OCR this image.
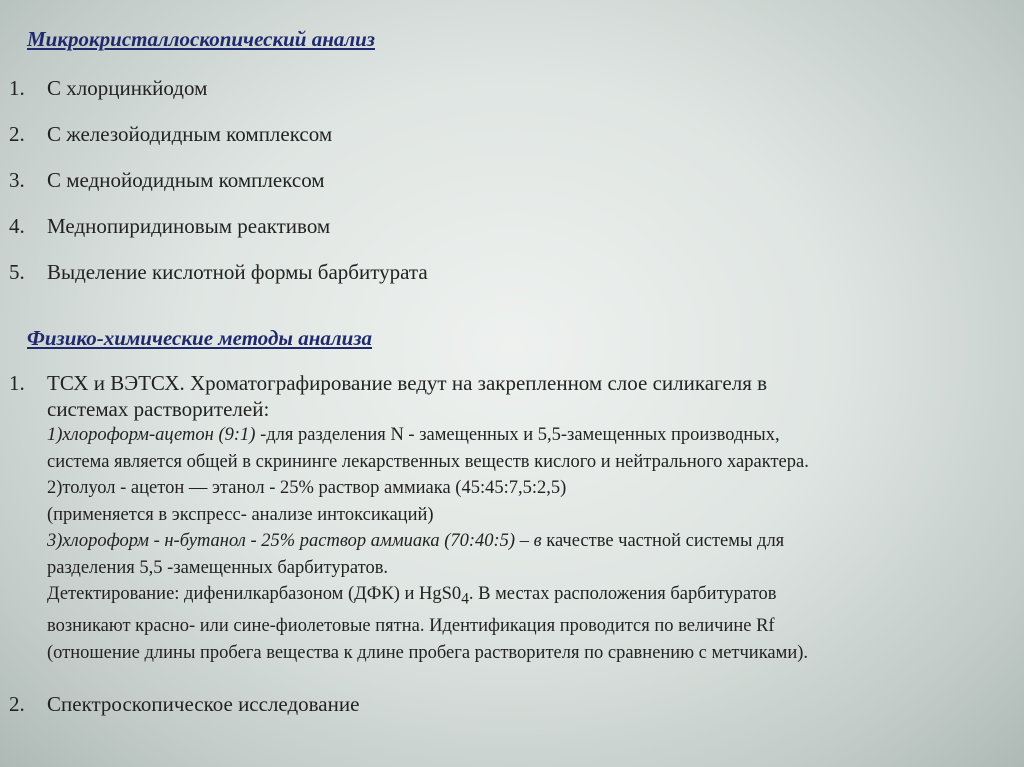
Микрокристаллоскопический анализ
1. С хлорцинкйодом
2. С железойодидным комплексом
3. С меднойодидным комплексом
4. Меднопиридиновым реактивом
5. Выделение кислотной формы барбитурата
Физико-химические методы анализа
1. ТСХ и ВЭТСХ. Хроматографирование ведут на закрепленном слое силикагеля в
системах растворителей:
1)хлороформ-ацетон (9:1) -для разделения N - замещенных и 5,5-замещенных производных,
система является общей в скрининге лекарственных веществ кислого и нейтрального характера.
2)толуол - ацетон — этанол - 25% раствор аммиака (45:45:7,5:2,5)
(применяется в экспресс- анализе интоксикаций)
3)хлороформ - н-бутанол - 25% раствор аммиака (70:40:5) – в качестве частной системы для
разделения 5,5 -замещенных барбитуратов.
Детектирование: дифенилкарбазоном (ДФК) и $HgS0_4$. В местах расположения барбитуратов
возникают красно- или сине-фиолетовые пятна. Идентификация проводится по величине Rf
(отношение длины пробега вещества к длине пробега растворителя по сравнению с метчиками).
2. Спектроскопическое исследование
